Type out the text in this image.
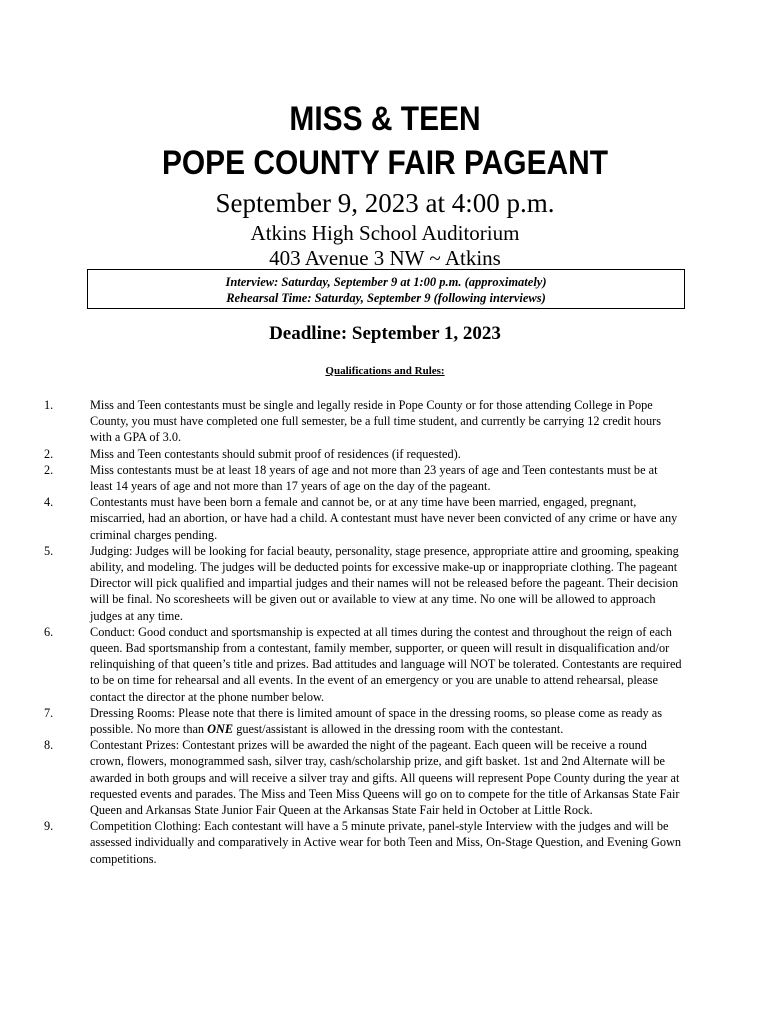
MISS & TEEN
POPE COUNTY FAIR PAGEANT
September 9, 2023 at 4:00 p.m.
Atkins High School Auditorium
403 Avenue 3 NW ~ Atkins
Interview: Saturday, September 9 at 1:00 p.m. (approximately)
Rehearsal Time: Saturday, September 9 (following interviews)
Deadline: September 1, 2023
Qualifications and Rules:
1.	Miss and Teen contestants must be single and legally reside in Pope County or for those attending College in Pope County, you must have completed one full semester, be a full time student, and currently be carrying 12 credit hours with a GPA of 3.0.
2.	Miss and Teen contestants should submit proof of residences (if requested).
2.	Miss contestants must be at least 18 years of age and not more than 23 years of age and Teen contestants must be at least 14 years of age and not more than 17 years of age on the day of the pageant.
4.	Contestants must have been born a female and cannot be, or at any time have been married, engaged, pregnant, miscarried, had an abortion, or have had a child. A contestant must have never been convicted of any crime or have any criminal charges pending.
5.	Judging: Judges will be looking for facial beauty, personality, stage presence, appropriate attire and grooming, speaking ability, and modeling. The judges will be deducted points for excessive make-up or inappropriate clothing. The pageant Director will pick qualified and impartial judges and their names will not be released before the pageant. Their decision will be final. No scoresheets will be given out or available to view at any time. No one will be allowed to approach judges at any time.
6.	Conduct: Good conduct and sportsmanship is expected at all times during the contest and throughout the reign of each queen. Bad sportsmanship from a contestant, family member, supporter, or queen will result in disqualification and/or relinquishing of that queen’s title and prizes. Bad attitudes and language will NOT be tolerated. Contestants are required to be on time for rehearsal and all events. In the event of an emergency or you are unable to attend rehearsal, please contact the director at the phone number below.
7.	Dressing Rooms: Please note that there is limited amount of space in the dressing rooms, so please come as ready as possible. No more than ONE guest/assistant is allowed in the dressing room with the contestant.
8.	Contestant Prizes: Contestant prizes will be awarded the night of the pageant. Each queen will be receive a round crown, flowers, monogrammed sash, silver tray, cash/scholarship prize, and gift basket. 1st and 2nd Alternate will be awarded in both groups and will receive a silver tray and gifts. All queens will represent Pope County during the year at requested events and parades. The Miss and Teen Miss Queens will go on to compete for the title of Arkansas State Fair Queen and Arkansas State Junior Fair Queen at the Arkansas State Fair held in October at Little Rock.
9.	Competition Clothing: Each contestant will have a 5 minute private, panel-style Interview with the judges and will be assessed individually and comparatively in Active wear for both Teen and Miss, On-Stage Question, and Evening Gown competitions.
